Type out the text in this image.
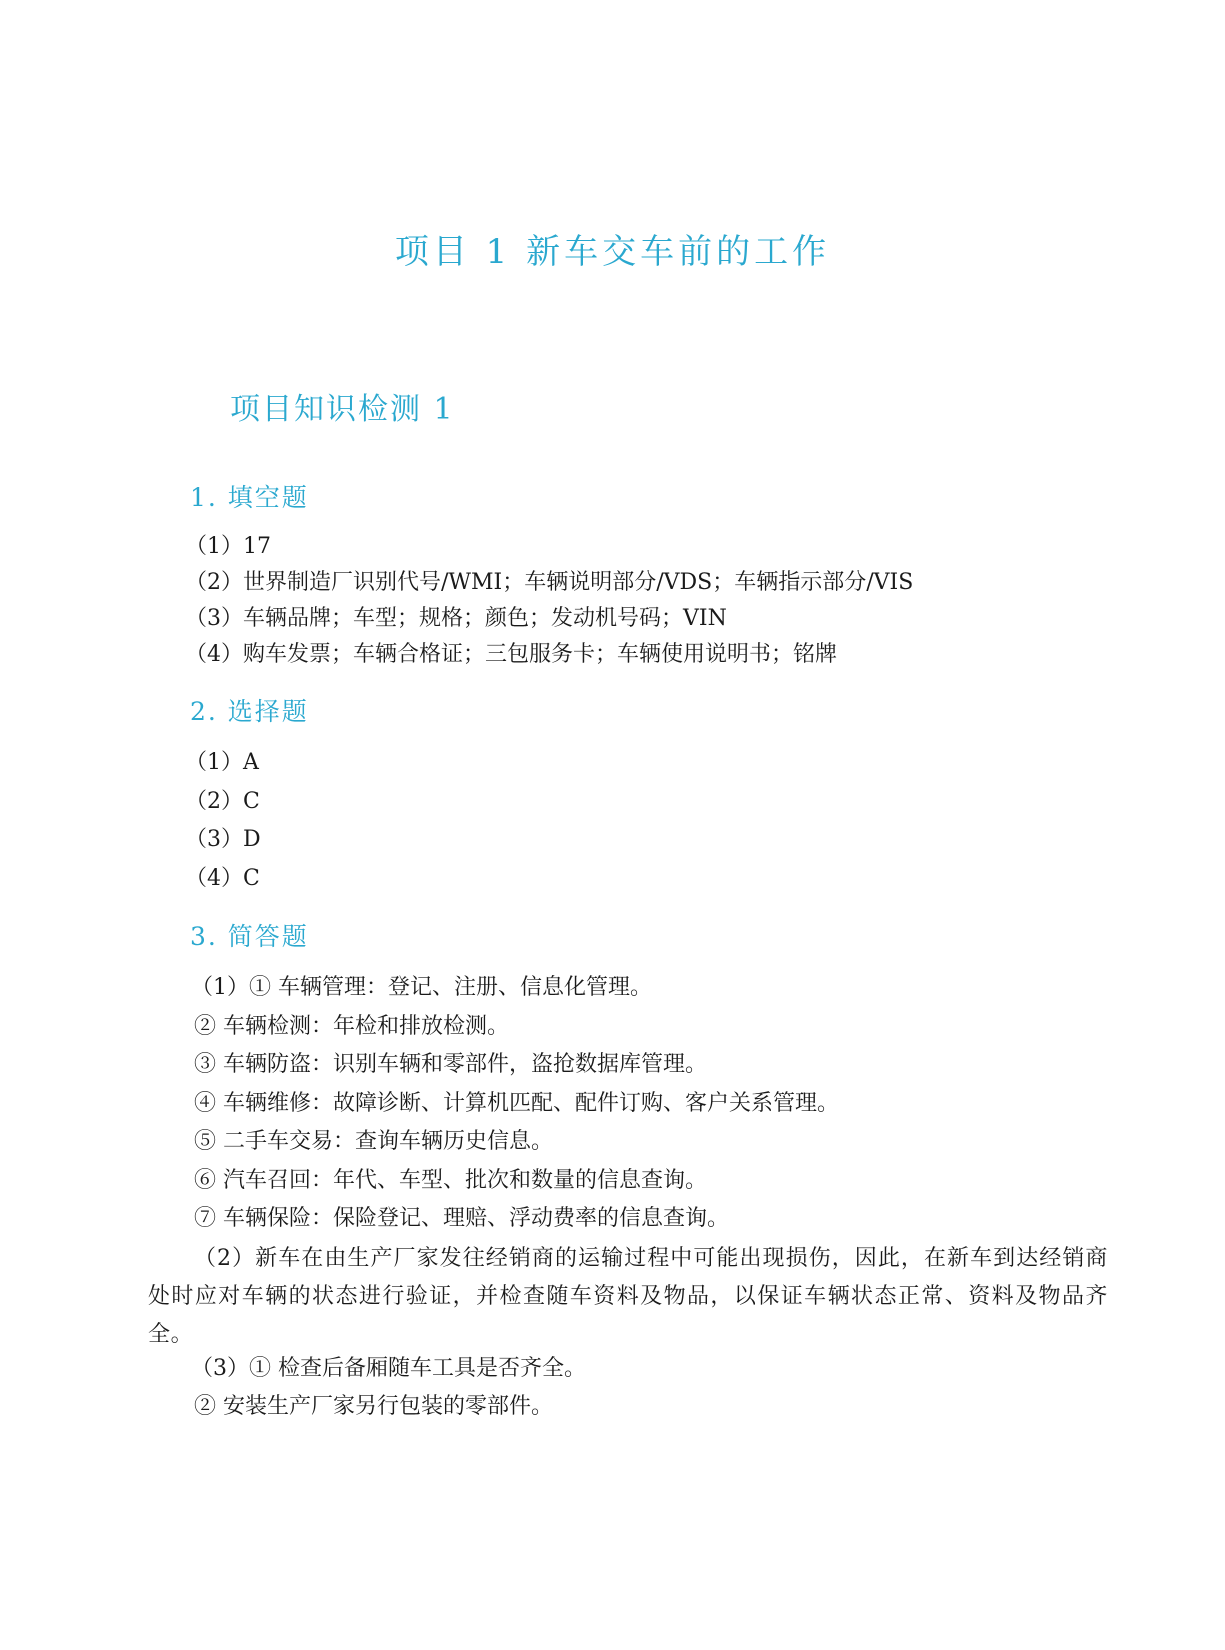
项目 1 新车交车前的工作
项目知识检测 1
1. 填空题
（1）17
（2）世界制造厂识别代号/WMI；车辆说明部分/VDS；车辆指示部分/VIS
（3）车辆品牌；车型；规格；颜色；发动机号码；VIN
（4）购车发票；车辆合格证；三包服务卡；车辆使用说明书；铭牌
2. 选择题
（1）A
（2）C
（3）D
（4）C
3. 简答题
（1）① 车辆管理：登记、注册、信息化管理。
② 车辆检测：年检和排放检测。
③ 车辆防盗：识别车辆和零部件，盗抢数据库管理。
④ 车辆维修：故障诊断、计算机匹配、配件订购、客户关系管理。
⑤ 二手车交易：查询车辆历史信息。
⑥ 汽车召回：年代、车型、批次和数量的信息查询。
⑦ 车辆保险：保险登记、理赔、浮动费率的信息查询。
（2）新车在由生产厂家发往经销商的运输过程中可能出现损伤，因此，在新车到达经销商处时应对车辆的状态进行验证，并检查随车资料及物品，以保证车辆状态正常、资料及物品齐全。
（3）① 检查后备厢随车工具是否齐全。
② 安装生产厂家另行包装的零部件。
